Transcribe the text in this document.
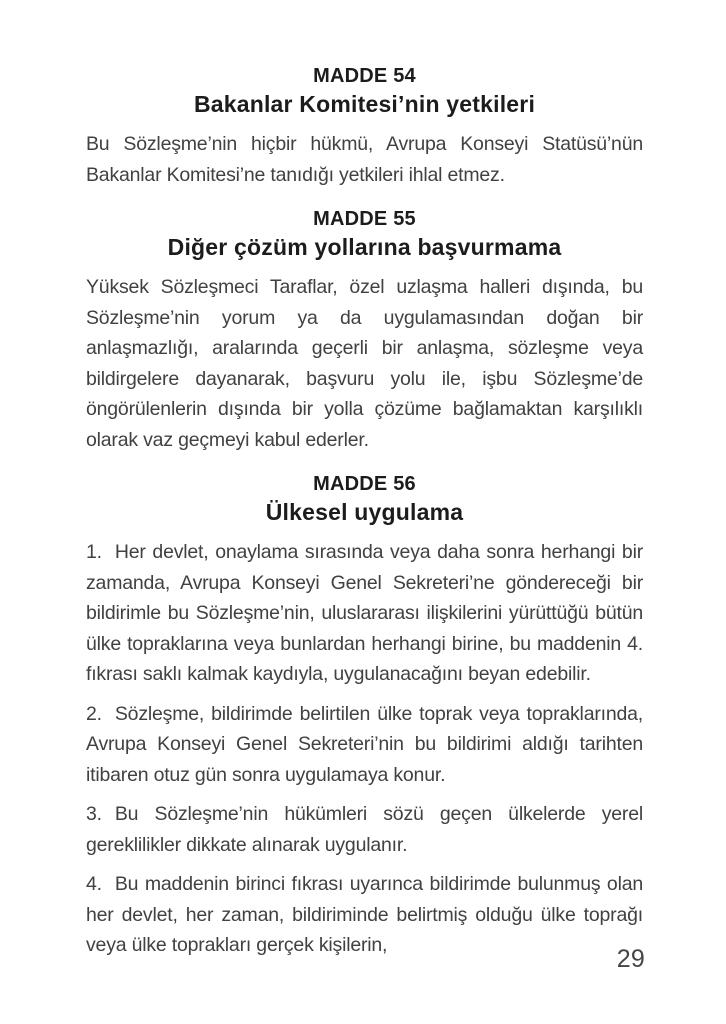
MADDE 54
Bakanlar Komitesi’nin yetkileri

Bu Sözleşme’nin hiçbir hükmü, Avrupa Konseyi Statüsü’nün Bakanlar Komitesi’ne tanıdığı yetkileri ihlal etmez.

MADDE 55
Diğer çözüm yollarına başvurmama

Yüksek Sözleşmeci Taraflar, özel uzlaşma halleri dışında, bu Sözleşme’nin yorum ya da uygulamasından doğan bir anlaşmazlığı, aralarında geçerli bir anlaşma, sözleşme veya bildirgelere dayanarak, başvuru yolu ile, işbu Sözleşme’de öngörülenlerin dışında bir yolla çözüme bağlamaktan karşılıklı olarak vaz geçmeyi kabul ederler.

MADDE 56
Ülkesel uygulama

1. Her devlet, onaylama sırasında veya daha sonra herhangi bir zamanda, Avrupa Konseyi Genel Sekreteri’ne göndereceği bir bildirimle bu Sözleşme’nin, uluslararası ilişkilerini yürüttüğü bütün ülke topraklarına veya bunlardan herhangi birine, bu maddenin 4. fıkrası saklı kalmak kaydıyla, uygulanacağını beyan edebilir.

2. Sözleşme, bildirimde belirtilen ülke toprak veya topraklarında, Avrupa Konseyi Genel Sekreteri’nin bu bildirimi aldığı tarihten itibaren otuz gün sonra uygulamaya konur.

3. Bu Sözleşme’nin hükümleri sözü geçen ülkelerde yerel gereklilikler dikkate alınarak uygulanır.

4. Bu maddenin birinci fıkrası uyarınca bildirimde bulunmuş olan her devlet, her zaman, bildiriminde belirtmiş olduğu ülke toprağı veya ülke toprakları gerçek kişilerin,	29
